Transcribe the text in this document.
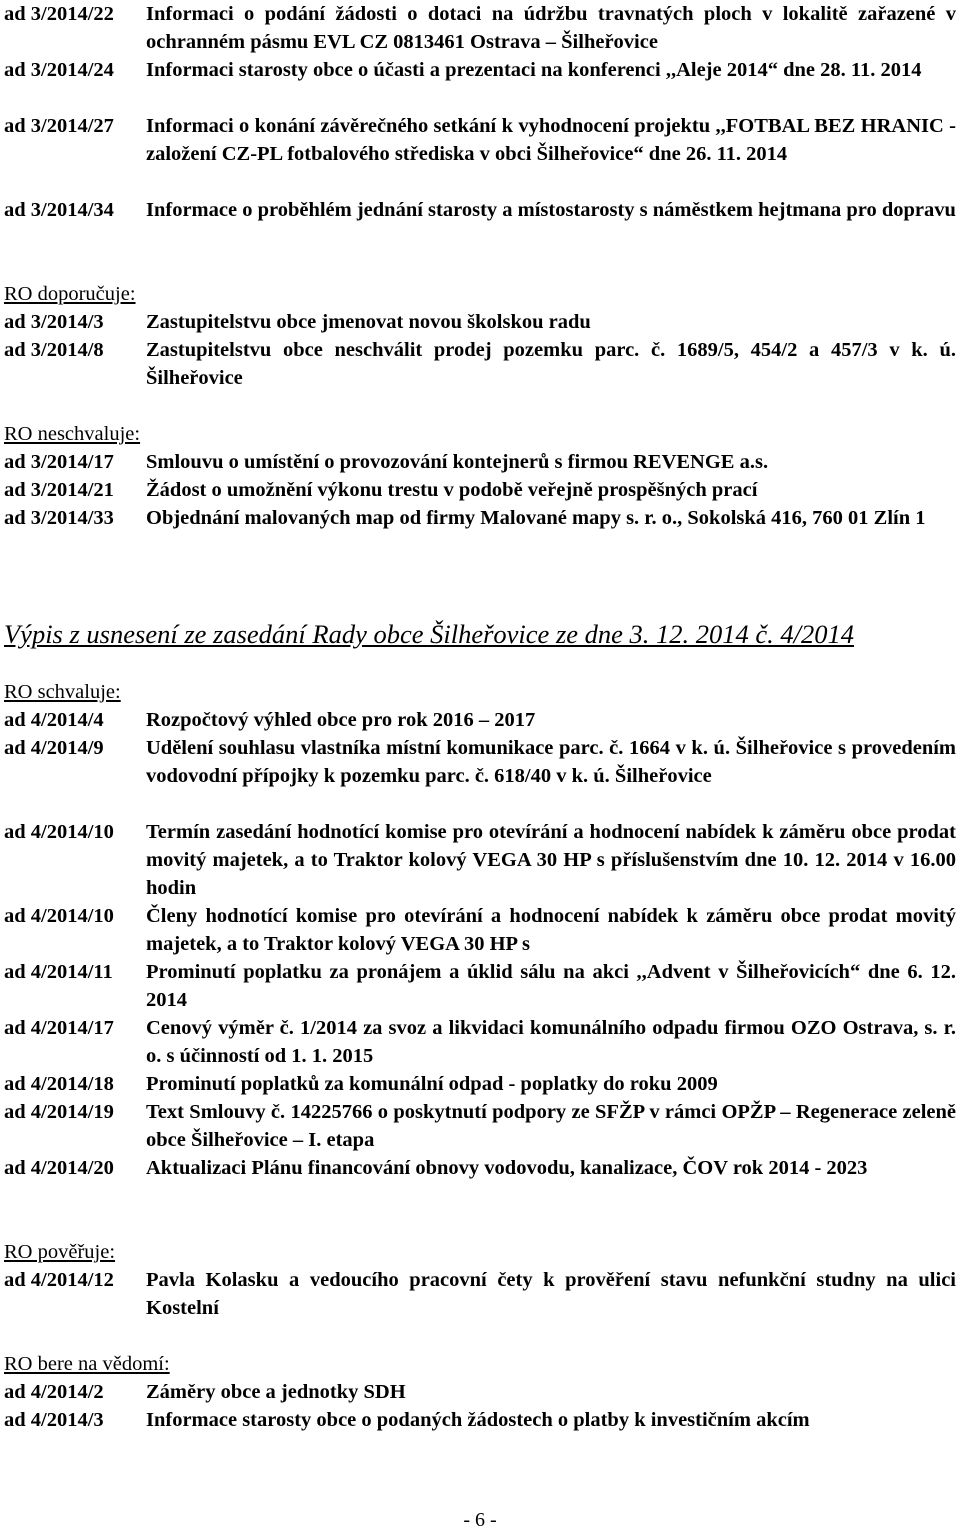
ad 3/2014/22	Informaci o podání žádosti o dotaci na údržbu travnatých ploch v lokalitě zařazené v ochranném pásmu EVL CZ 0813461 Ostrava – Šilheřovice
ad 3/2014/24	Informaci starosty obce o účasti a prezentaci na konferenci ,,Aleje 2014“ dne 28. 11. 2014
ad 3/2014/27	Informaci o konání závěrečného setkání k vyhodnocení projektu ,,FOTBAL BEZ HRANIC - založení CZ-PL fotbalového střediska v obci Šilheřovice“ dne 26. 11. 2014
ad 3/2014/34	Informace o proběhlém jednání starosty a místostarosty s náměstkem hejtmana pro dopravu
RO doporučuje:
ad 3/2014/3	Zastupitelstvu obce jmenovat novou školskou radu
ad 3/2014/8	Zastupitelstvu obce neschválit prodej pozemku parc. č. 1689/5, 454/2 a 457/3 v k. ú. Šilheřovice
RO neschvaluje:
ad 3/2014/17	Smlouvu o umístění o provozování kontejnerů s firmou REVENGE a.s.
ad 3/2014/21	Žádost o umožnění výkonu trestu v podobě veřejně prospěšných prací
ad 3/2014/33	Objednání malovaných map od firmy Malované mapy s. r. o., Sokolská 416, 760 01 Zlín 1
Výpis z usnesení ze zasedání Rady obce Šilheřovice ze dne 3. 12. 2014 č. 4/2014
RO schvaluje:
ad 4/2014/4	Rozpočtový výhled obce pro rok 2016 – 2017
ad 4/2014/9	Udělení souhlasu vlastníka místní komunikace parc. č. 1664 v k. ú. Šilheřovice s provedením vodovodní přípojky k pozemku parc. č. 618/40 v k. ú. Šilheřovice
ad 4/2014/10	Termín zasedání hodnotící komise pro otevírání a hodnocení nabídek k záměru obce prodat movitý majetek, a to Traktor kolový VEGA 30 HP s příslušenstvím dne 10. 12. 2014 v 16.00 hodin
ad 4/2014/10	Členy hodnotící komise pro otevírání a hodnocení nabídek k záměru obce prodat movitý majetek, a to Traktor kolový VEGA 30 HP s
ad 4/2014/11	Prominutí poplatku za pronájem a úklid sálu na akci ,,Advent v Šilheřovicích“ dne 6. 12. 2014
ad 4/2014/17	Cenový výměr č. 1/2014 za svoz a likvidaci komunálního odpadu firmou OZO Ostrava, s. r. o. s účinností od 1. 1. 2015
ad 4/2014/18	Prominutí poplatků za komunální odpad - poplatky do roku 2009
ad 4/2014/19	Text Smlouvy č. 14225766 o poskytnutí podpory ze SFŽP v rámci OPŽP – Regenerace zeleně obce Šilheřovice – I. etapa
ad 4/2014/20	Aktualizaci Plánu financování obnovy vodovodu, kanalizace, ČOV rok 2014 - 2023
RO pověřuje:
ad 4/2014/12	Pavla Kolasku a vedoucího pracovní čety k prověření stavu nefunkční studny na ulici Kostelní
RO bere na vědomí:
ad 4/2014/2	Záměry obce a jednotky SDH
ad 4/2014/3	Informace starosty obce o podaných žádostech o platby k investičním akcím
- 6 -
